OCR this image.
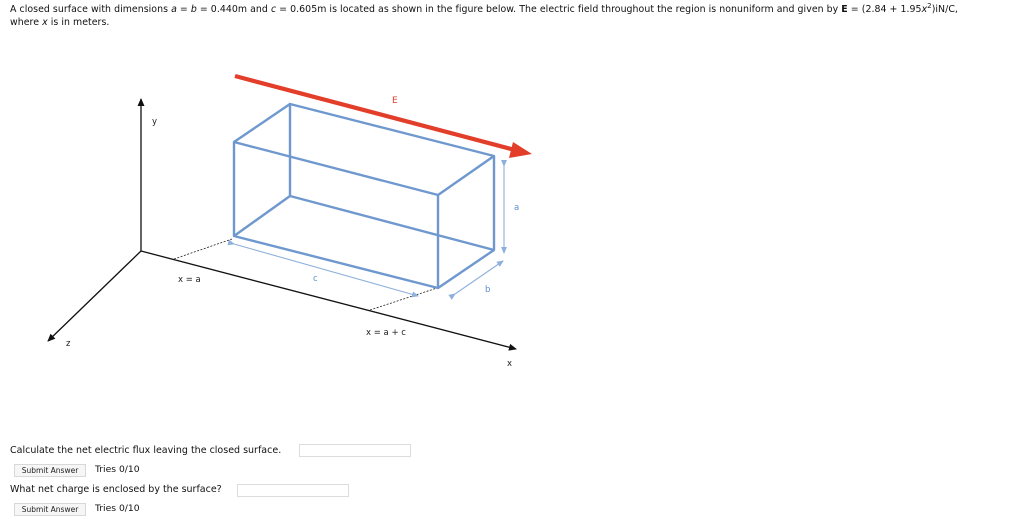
A closed surface with dimensions a = b = 0.440m and c = 0.605m is located as shown in the figure below. The electric field throughout the region is nonuniform and given by $E = (2.84 + 1.95x^2)iN/C$,
where x is in meters.
y
z
x
x = a
x = a + c
c
b
a
E
Calculate the net electric flux leaving the closed surface.
Submit Answer	Tries 0/10
What net charge is enclosed by the surface?
Submit Answer	Tries 0/10
